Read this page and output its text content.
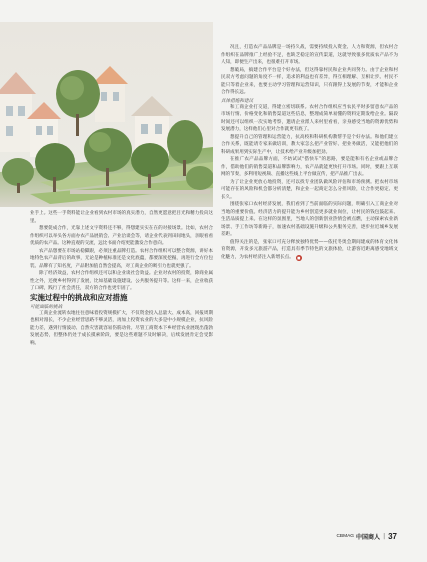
业手上。这些一手资料能让企业看到农村市场的真实潜力，自然更愿意把目光和精力投向这里。

想要促成合作，光靠上述文字资料还不够，得想建实实在在的对接场景。比如，农村合作组织可以举头各方面办农产品展销会、产业洽谈会等，请企业代表到田间地头，亲眼看看优质的农产品。这种直观的交流，远比书面介绍更能激发合作意向。

农产品想要在市场站稳脚跟，必须注重品牌打造。农村合作组织可以整合资源，讲好本地特色农产品背后的故事，无论是种植标准还是文化底蕴，都要深度挖掘，再进行全方位包装。品牌有了知名度，产品附加值自然会提高，对工商企业的吸引力也就更强了。

除了经济效益，农村合作组织还可以和企业谈社会效益。企业对农村的投资，除商业属性之外，还便乡村得到了发展，比如基础设施建设、公共服务提升等。这样一来，企业收获了口碑，践行了社会责任，双方的合作也更牢固了。

实施过程中的挑战和应对措施

可能面临的挑战

工商企业流转农地往往意味着投资规模扩大，不仅资金投入总量大、成本高，回报周期也相对漫长，不少企业经营思路不够灵活，再加上投资农业的大多是中小规模企业，抗风险能力差，遇到行情波动、自然灾害就容易伤筋动骨。尽管工商资本下乡经营农业展现出蓬勃发展态势，但整体仍处于成长摸索阶段，要是这些难题不及时解决，后续发展肯定会受影响。

况且，打造农产品品牌是一场持久战，需要持续投入资金、人力和资源，但农村合作组织在品牌推广上经验不足，也缺乏稳定的宣传渠道，这就导致很多优质农产品不为人知，即便生产出来，也很难打开市场。

想破局，搞建合作平台是个好办法，但这得靠村民和企业共同努力。由于企业和村民双方考虑问题的角度不一样，追求的利益也有差异，得互相理解、互相让步。村民不能只等着企业来，也要主动学习管理和运营知识，只有跟得上发展的节奏，才能和企业合作得长远。

具体措施和建议

和工商企业打交道，得建立密切联系。农村合作组织应当农民平时多留意农产品的市场行情、价格变化和销售渠道这些信息，整理成简单易懂的资料定期发给企业。隔段时间还可以组织一次实地考察，邀请企业派人来村里看看，亲身感受当地的资源优势和发展潜力，这样他们心里对合作就更有底了。

想提升自己的管理和运营能力，抗高校和科研机构教帮手是个好办法。和他们建立合作关系，既能请专家来做培训，教大家怎么把产业管好、把业务做活，又能把他们的科研成果用到实际生产中，让技术给产业升级加把劲。

在推广农产品品牌方面，不妨试试“搭快车”的思路，要是能和有名企业或品牌合作，借助他们的销售渠道和品牌影响力，农产品就能更快打开市场。同时，要跟上互联网的节奏，多利用短视频、直播这些线上平台做宣传，把产品推广出去。

为了让企业更放心地投资，还可以找专业团队做风险评估和市场预测。把农村市场可能存在的风险和机会都分析清楚，和企业一起商定怎么分担风险，让合作更稳定、更长久。

围绕张家口农村经济发展，我们看到了当前面临的实际问题，明确引入工商企业对当地的重要价值。经济活力的提升能为乡村创造更多就业岗位，让村民的钱包鼓起来、生活品质提上来。在这样的氛围里，当地人的创新创业热情会被点燃，主动探索农业新场景、手工作坊等新路子，加速农村基础设施升级和公共服务完善，逐步拉近城乡发展差距。

值得关注的是，张家口可充分释放独特优势——依托冬奥会期间建成的体育文化体育资源，开发多元旅游产品，打造具有季节特色的文旅体验，让游客近距离感受地域文化魅力，为农村经济注入新增长点。 ■

CBMAG 中国商人 | 37
